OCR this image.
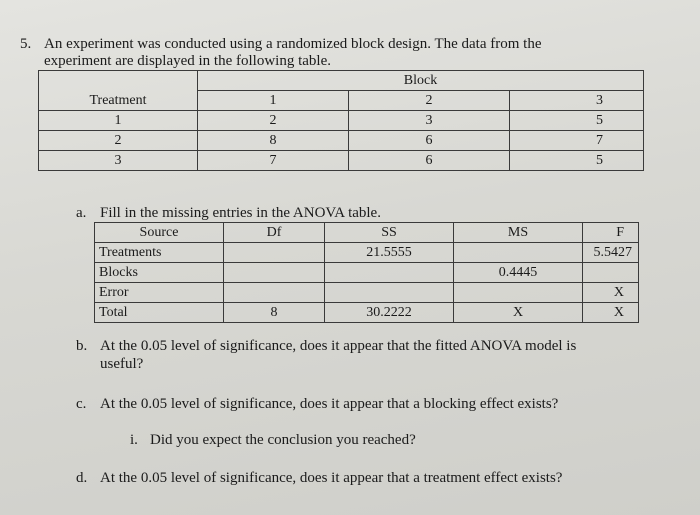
5. An experiment was conducted using a randomized block design. The data from the
experiment are displayed in the following table.
	Block		
Treatment	1	2	3
1	2	3	5
2	8	6	7
3	7	6	5
a. Fill in the missing entries in the ANOVA table.
Source	Df	SS	MS	F
Treatments		21.5555		5.5427
Blocks			0.4445	
Error				X
Total	8	30.2222	X	X
b. At the 0.05 level of significance, does it appear that the fitted ANOVA model is
useful?
c. At the 0.05 level of significance, does it appear that a blocking effect exists?
i. Did you expect the conclusion you reached?
d. At the 0.05 level of significance, does it appear that a treatment effect exists?
